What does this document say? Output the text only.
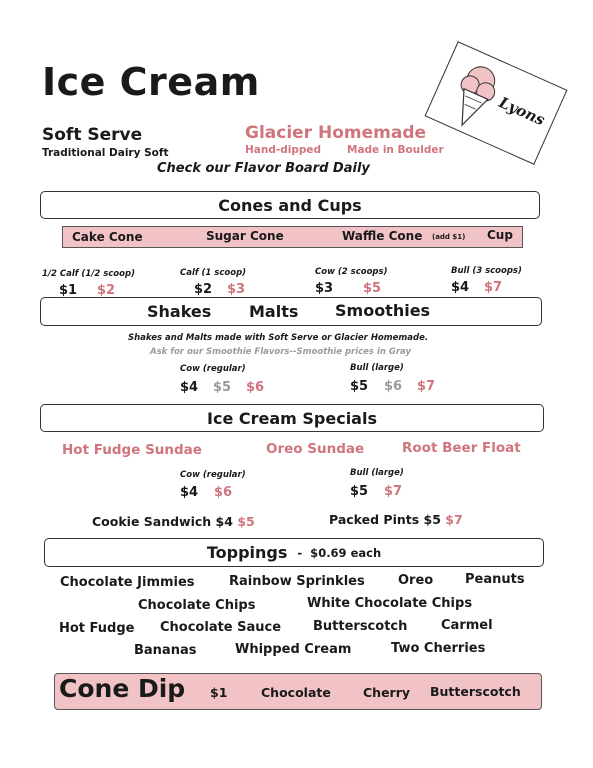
Ice Cream
Soft Serve
Traditional Dairy Soft
Glacier Homemade
Hand-dipped Made in Boulder
Check our Flavor Board Daily
Lyons
Cones and Cups
Cake Cone	Sugar Cone	Waffle Cone (add $1) Cup
1/2 Calf (1/2 scoop)
$1 $2
Calf (1 scoop)
$2 $3
Cow (2 scoops)
$3 $5
Bull (3 scoops)
$4 $7
Shakes Malts Smoothies
Shakes and Malts made with Soft Serve or Glacier Homemade.
Ask for our Smoothie Flavors--Smoothie prices in Gray
Cow (regular)
$4 $5 $6
Bull (large)
$5 $6 $7
Ice Cream Specials
Hot Fudge Sundae	Oreo Sundae	Root Beer Float
Cow (regular)
$4 $6
Bull (large)
$5 $7
Cookie Sandwich $4 $5	Packed Pints $5 $7
Toppings -  $0.69 each
Chocolate Jimmies	Rainbow Sprinkles	Oreo Peanuts
Chocolate Chips	White Chocolate Chips
Hot Fudge Chocolate Sauce Butterscotch	Carmel
Bananas	Whipped Cream	Two Cherries
Cone Dip $1	Chocolate	Cherry Butterscotch
